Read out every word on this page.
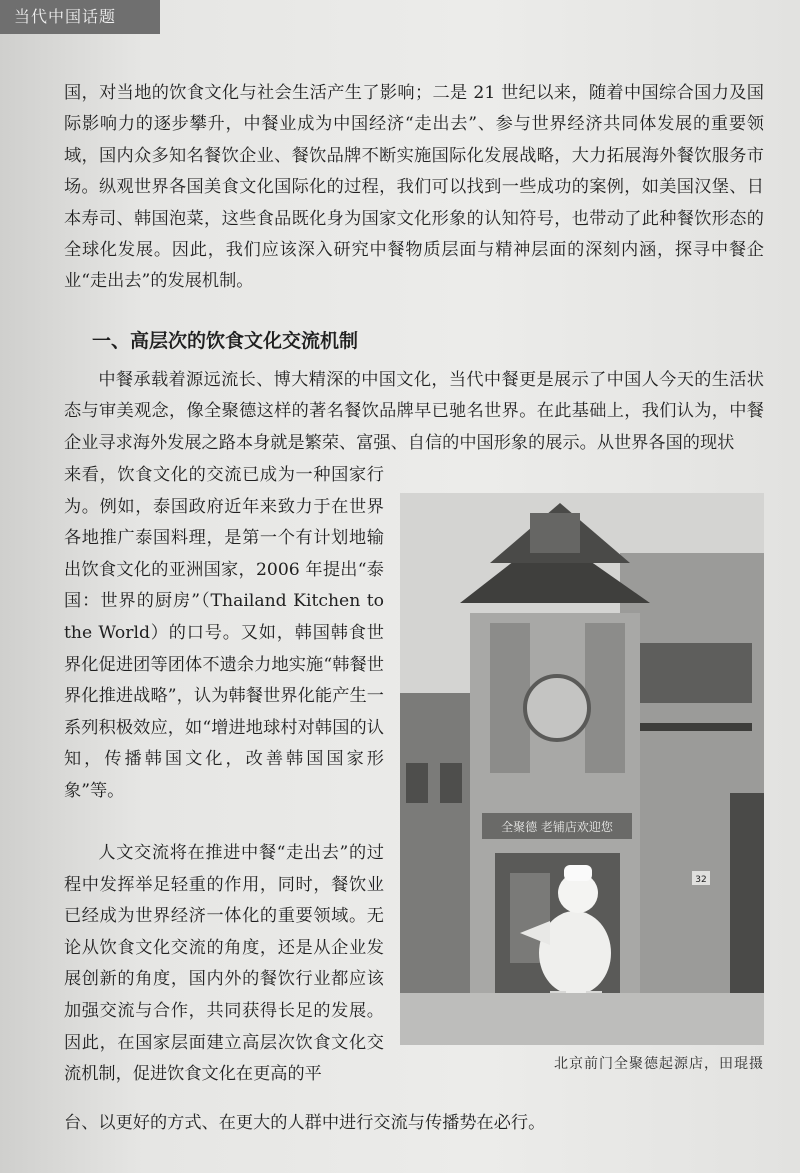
当代中国话题

国，对当地的饮食文化与社会生活产生了影响；二是 21 世纪以来，随着中国综合国力及国际影响力的逐步攀升，中餐业成为中国经济“走出去”、参与世界经济共同体发展的重要领域，国内众多知名餐饮企业、餐饮品牌不断实施国际化发展战略，大力拓展海外餐饮服务市场。纵观世界各国美食文化国际化的过程，我们可以找到一些成功的案例，如美国汉堡、日本寿司、韩国泡菜，这些食品既化身为国家文化形象的认知符号，也带动了此种餐饮形态的全球化发展。因此，我们应该深入研究中餐物质层面与精神层面的深刻内涵，探寻中餐企业“走出去”的发展机制。

一、高层次的饮食文化交流机制

中餐承载着源远流长、博大精深的中国文化，当代中餐更是展示了中国人今天的生活状态与审美观念，像全聚德这样的著名餐饮品牌早已驰名世界。在此基础上，我们认为，中餐企业寻求海外发展之路本身就是繁荣、富强、自信的中国形象的展示。从世界各国的现状

来看，饮食文化的交流已成为一种国家行为。例如，泰国政府近年来致力于在世界各地推广泰国料理，是第一个有计划地输出饮食文化的亚洲国家，2006 年提出“泰国：世界的厨房”（Thailand Kitchen to the World）的口号。又如，韩国韩食世界化促进团等团体不遗余力地实施“韩餐世界化推进战略”，认为韩餐世界化能产生一系列积极效应，如“增进地球村对韩国的认知，传播韩国文化，改善韩国国家形象”等。

全聚德 老铺店欢迎您
32
北京前门全聚德起源店，田琨摄

人文交流将在推进中餐“走出去”的过程中发挥举足轻重的作用，同时，餐饮业已经成为世界经济一体化的重要领域。无论从饮食文化交流的角度，还是从企业发展创新的角度，国内外的餐饮行业都应该加强交流与合作，共同获得长足的发展。因此，在国家层面建立高层次饮食文化交流机制，促进饮食文化在更高的平

台、以更好的方式、在更大的人群中进行交流与传播势在必行。
